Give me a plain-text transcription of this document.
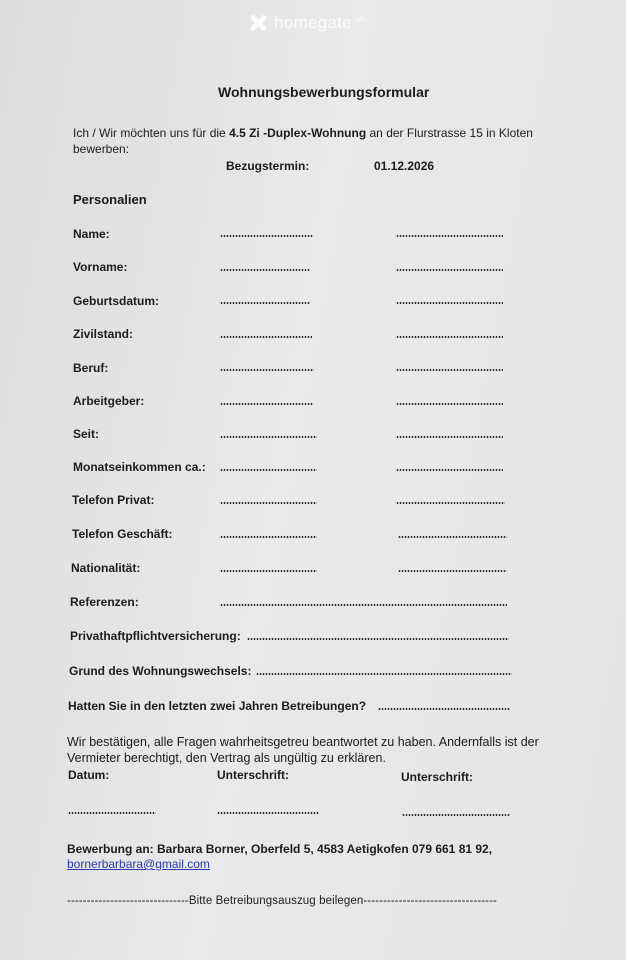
homegate .ch
Wohnungsbewerbungsformular
Ich / Wir möchten uns für die 4.5 Zi -Duplex-Wohnung an der Flurstrasse 15 in Kloten bewerben:
Bezugstermin:	01.12.2026
Personalien
Name:
Vorname:
Geburtsdatum:
Zivilstand:
Beruf:
Arbeitgeber:
Seit:
Monatseinkommen ca.:
Telefon Privat:
Telefon Geschäft:
Nationalität:
Referenzen:
Privathaftpflichtversicherung:
Grund des Wohnungswechsels:
Hatten Sie in den letzten zwei Jahren Betreibungen?
Wir bestätigen, alle Fragen wahrheitsgetreu beantwortet zu haben. Andernfalls ist der Vermieter berechtigt, den Vertrag als ungültig zu erklären.
Datum:	Unterschrift:	Unterschrift:
Bewerbung an: Barbara Borner, Oberfeld 5, 4583 Aetigkofen 079 661 81 92,
bornerbarbara@gmail.com
-------------------------------Bitte Betreibungsauszug beilegen----------------------------------
